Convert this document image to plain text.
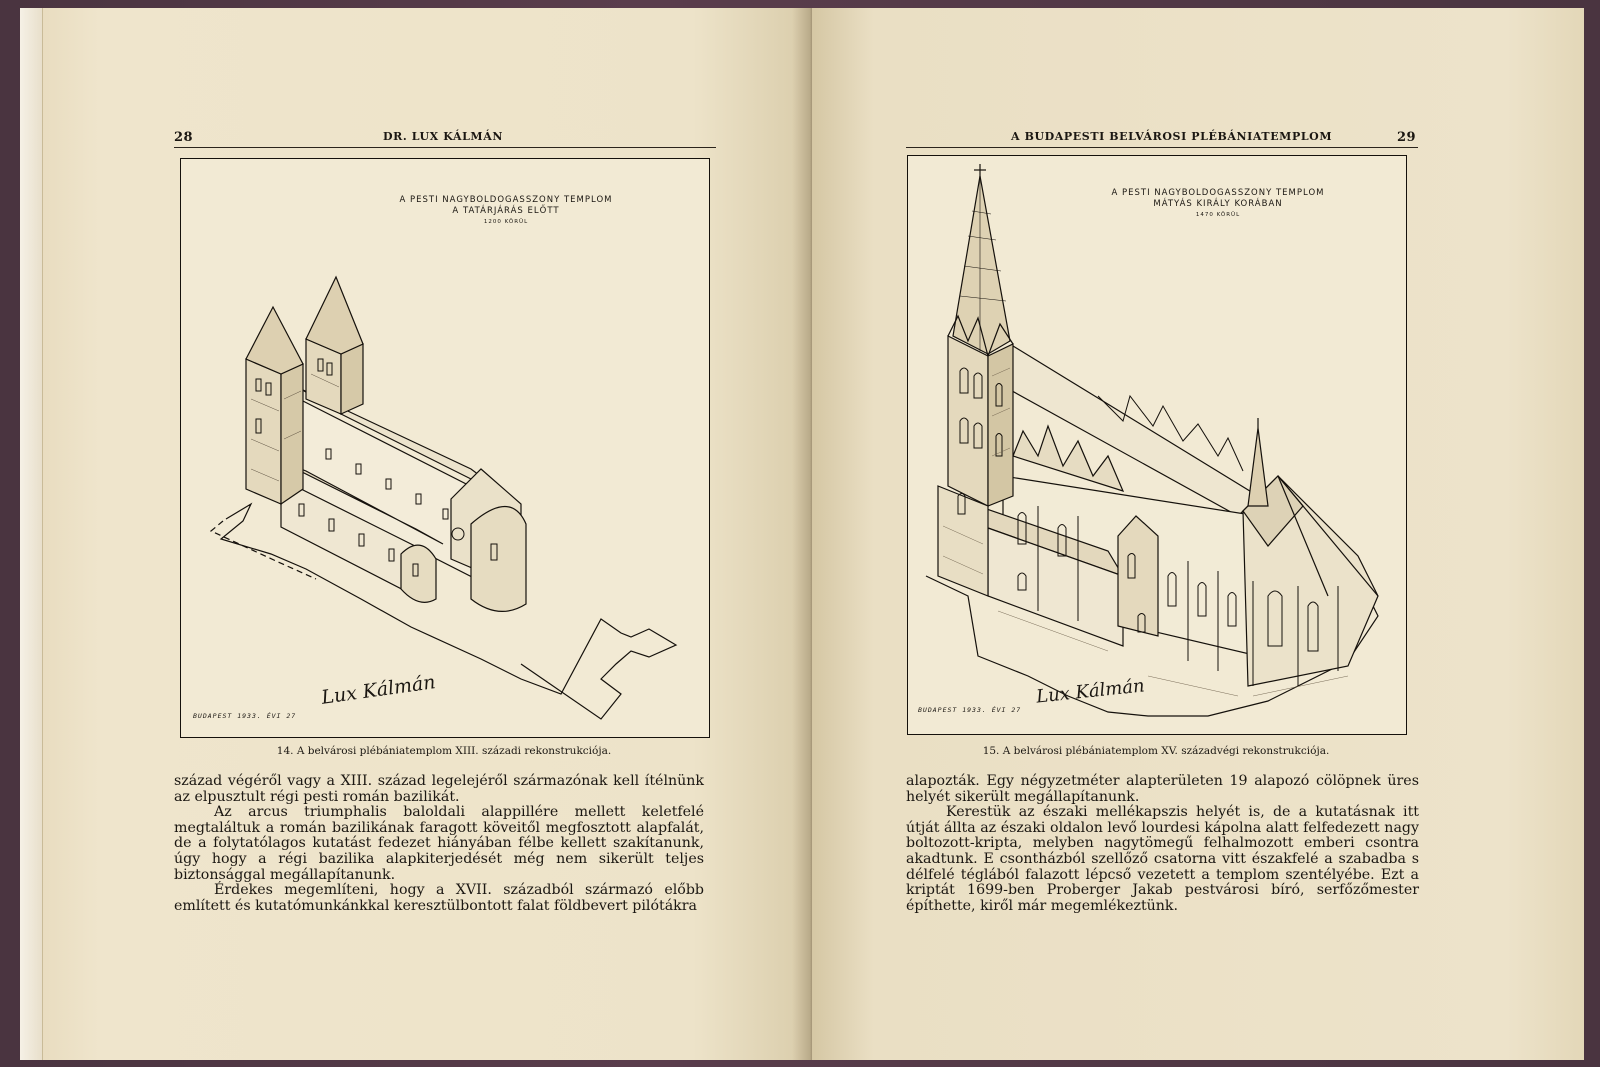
28	DR. LUX KÁLMÁN
A PESTI NAGYBOLDOGASSZONY TEMPLOM
A TATÁRJÁRÁS ELŐTT
1200 KÖRÜL
BUDAPEST 1933. ÉVI 27
Lux Kálmán
14. A belvárosi plébániatemplom XIII. századi rekonstrukciója.

század végéről vagy a XIII. század legelejéről származónak kell ítélnünk az elpusztult régi pesti román bazilikát.

Az arcus triumphalis baloldali alappillére mellett keletfelé megtaláltuk a román bazilikának faragott köveitől megfosztott alapfalát, de a folytatólagos kutatást fedezet hiányában félbe kellett szakítanunk, úgy hogy a régi bazilika alapkiterjedését még nem sikerült teljes biztonsággal megállapítanunk.

Érdekes megemlíteni, hogy a XVII. századból származó előbb említett és kutatómunkánkkal keresztülbontott falat földbevert pilótákra

A BUDAPESTI BELVÁROSI PLÉBÁNIATEMPLOM	29
A PESTI NAGYBOLDOGASSZONY TEMPLOM
MÁTYÁS KIRÁLY KORÁBAN
1470 KÖRÜL
BUDAPEST 1933. ÉVI 27
Lux Kálmán
15. A belvárosi plébániatemplom XV. századvégi rekonstrukciója.

alapozták. Egy négyzetméter alapterületen 19 alapozó cölöpnek üres helyét sikerült megállapítanunk.

Kerestük az északi mellékapszis helyét is, de a kutatásnak itt útját állta az északi oldalon levő lourdesi kápolna alatt felfedezett nagy boltozott-kripta, melyben nagytömegű felhalmozott emberi csontra akadtunk. E csontházból szellőző csatorna vitt északfelé a szabadba s délfelé téglából falazott lépcső vezetett a templom szentélyébe. Ezt a kriptát 1699-ben Proberger Jakab pestvárosi bíró, serfőzőmester építhette, kiről már megemlékeztünk.
